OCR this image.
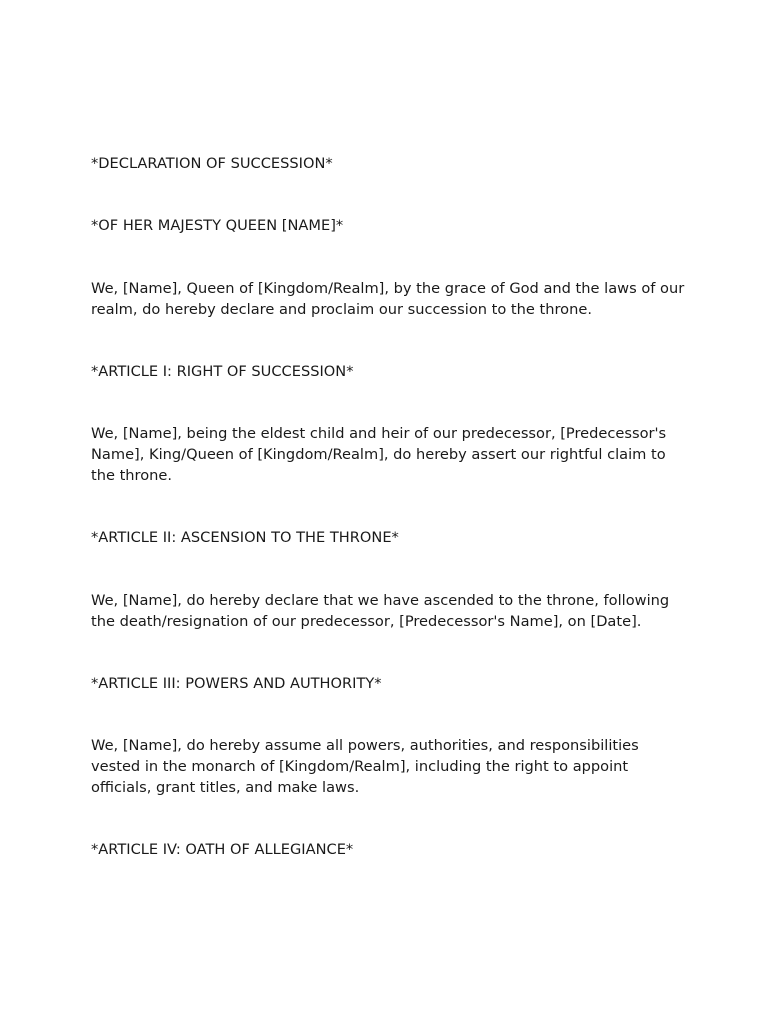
*DECLARATION OF SUCCESSION*

*OF HER MAJESTY QUEEN [NAME]*

We, [Name], Queen of [Kingdom/Realm], by the grace of God and the laws of our realm, do hereby declare and proclaim our succession to the throne.

*ARTICLE I: RIGHT OF SUCCESSION*

We, [Name], being the eldest child and heir of our predecessor, [Predecessor's Name], King/Queen of [Kingdom/Realm], do hereby assert our rightful claim to the throne.

*ARTICLE II: ASCENSION TO THE THRONE*

We, [Name], do hereby declare that we have ascended to the throne, following the death/resignation of our predecessor, [Predecessor's Name], on [Date].

*ARTICLE III: POWERS AND AUTHORITY*

We, [Name], do hereby assume all powers, authorities, and responsibilities vested in the monarch of [Kingdom/Realm], including the right to appoint officials, grant titles, and make laws.

*ARTICLE IV: OATH OF ALLEGIANCE*
